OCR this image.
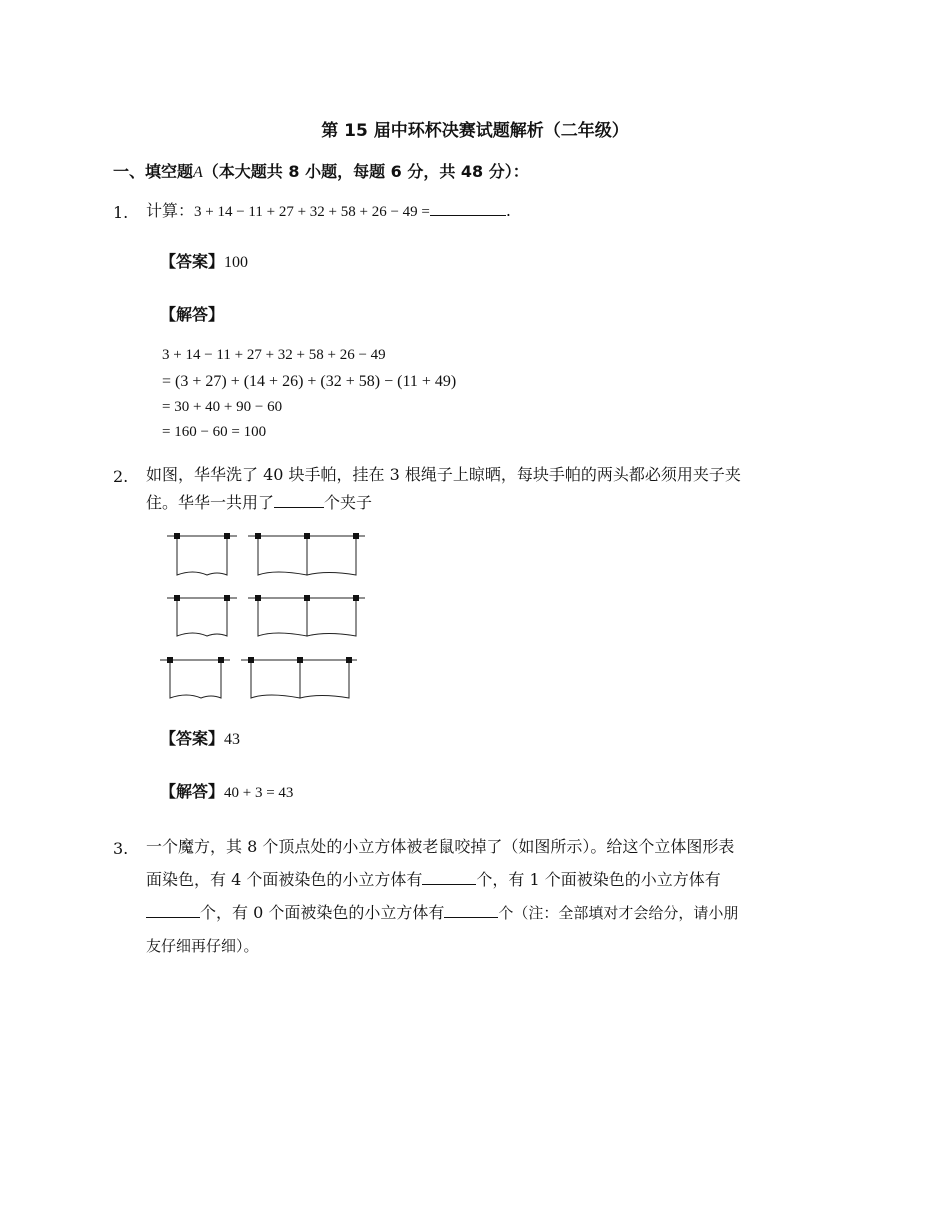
第 15 届中环杯决赛试题解析（二年级）
一、填空题A（本大题共 8 小题，每题 6 分，共 48 分）：
1. 计算：3 + 14 − 11 + 27 + 32 + 58 + 26 − 49 =	.
【答案】100
【解答】
3 + 14 − 11 + 27 + 32 + 58 + 26 − 49
= (3 + 27) + (14 + 26) + (32 + 58) − (11 + 49)
= 30 + 40 + 90 − 60
= 160 − 60 = 100
2. 如图，华华洗了 40 块手帕，挂在 3 根绳子上晾晒，每块手帕的两头都必须用夹子夹
住。华华一共用了	个夹子
【答案】43
【解答】40 + 3 = 43
3. 一个魔方，其 8 个顶点处的小立方体被老鼠咬掉了（如图所示）。给这个立体图形表
面染色，有 4 个面被染色的小立方体有	个，有 1 个面被染色的小立方体有
个，有 0 个面被染色的小立方体有	个（注：全部填对才会给分，请小朋
友仔细再仔细）。
